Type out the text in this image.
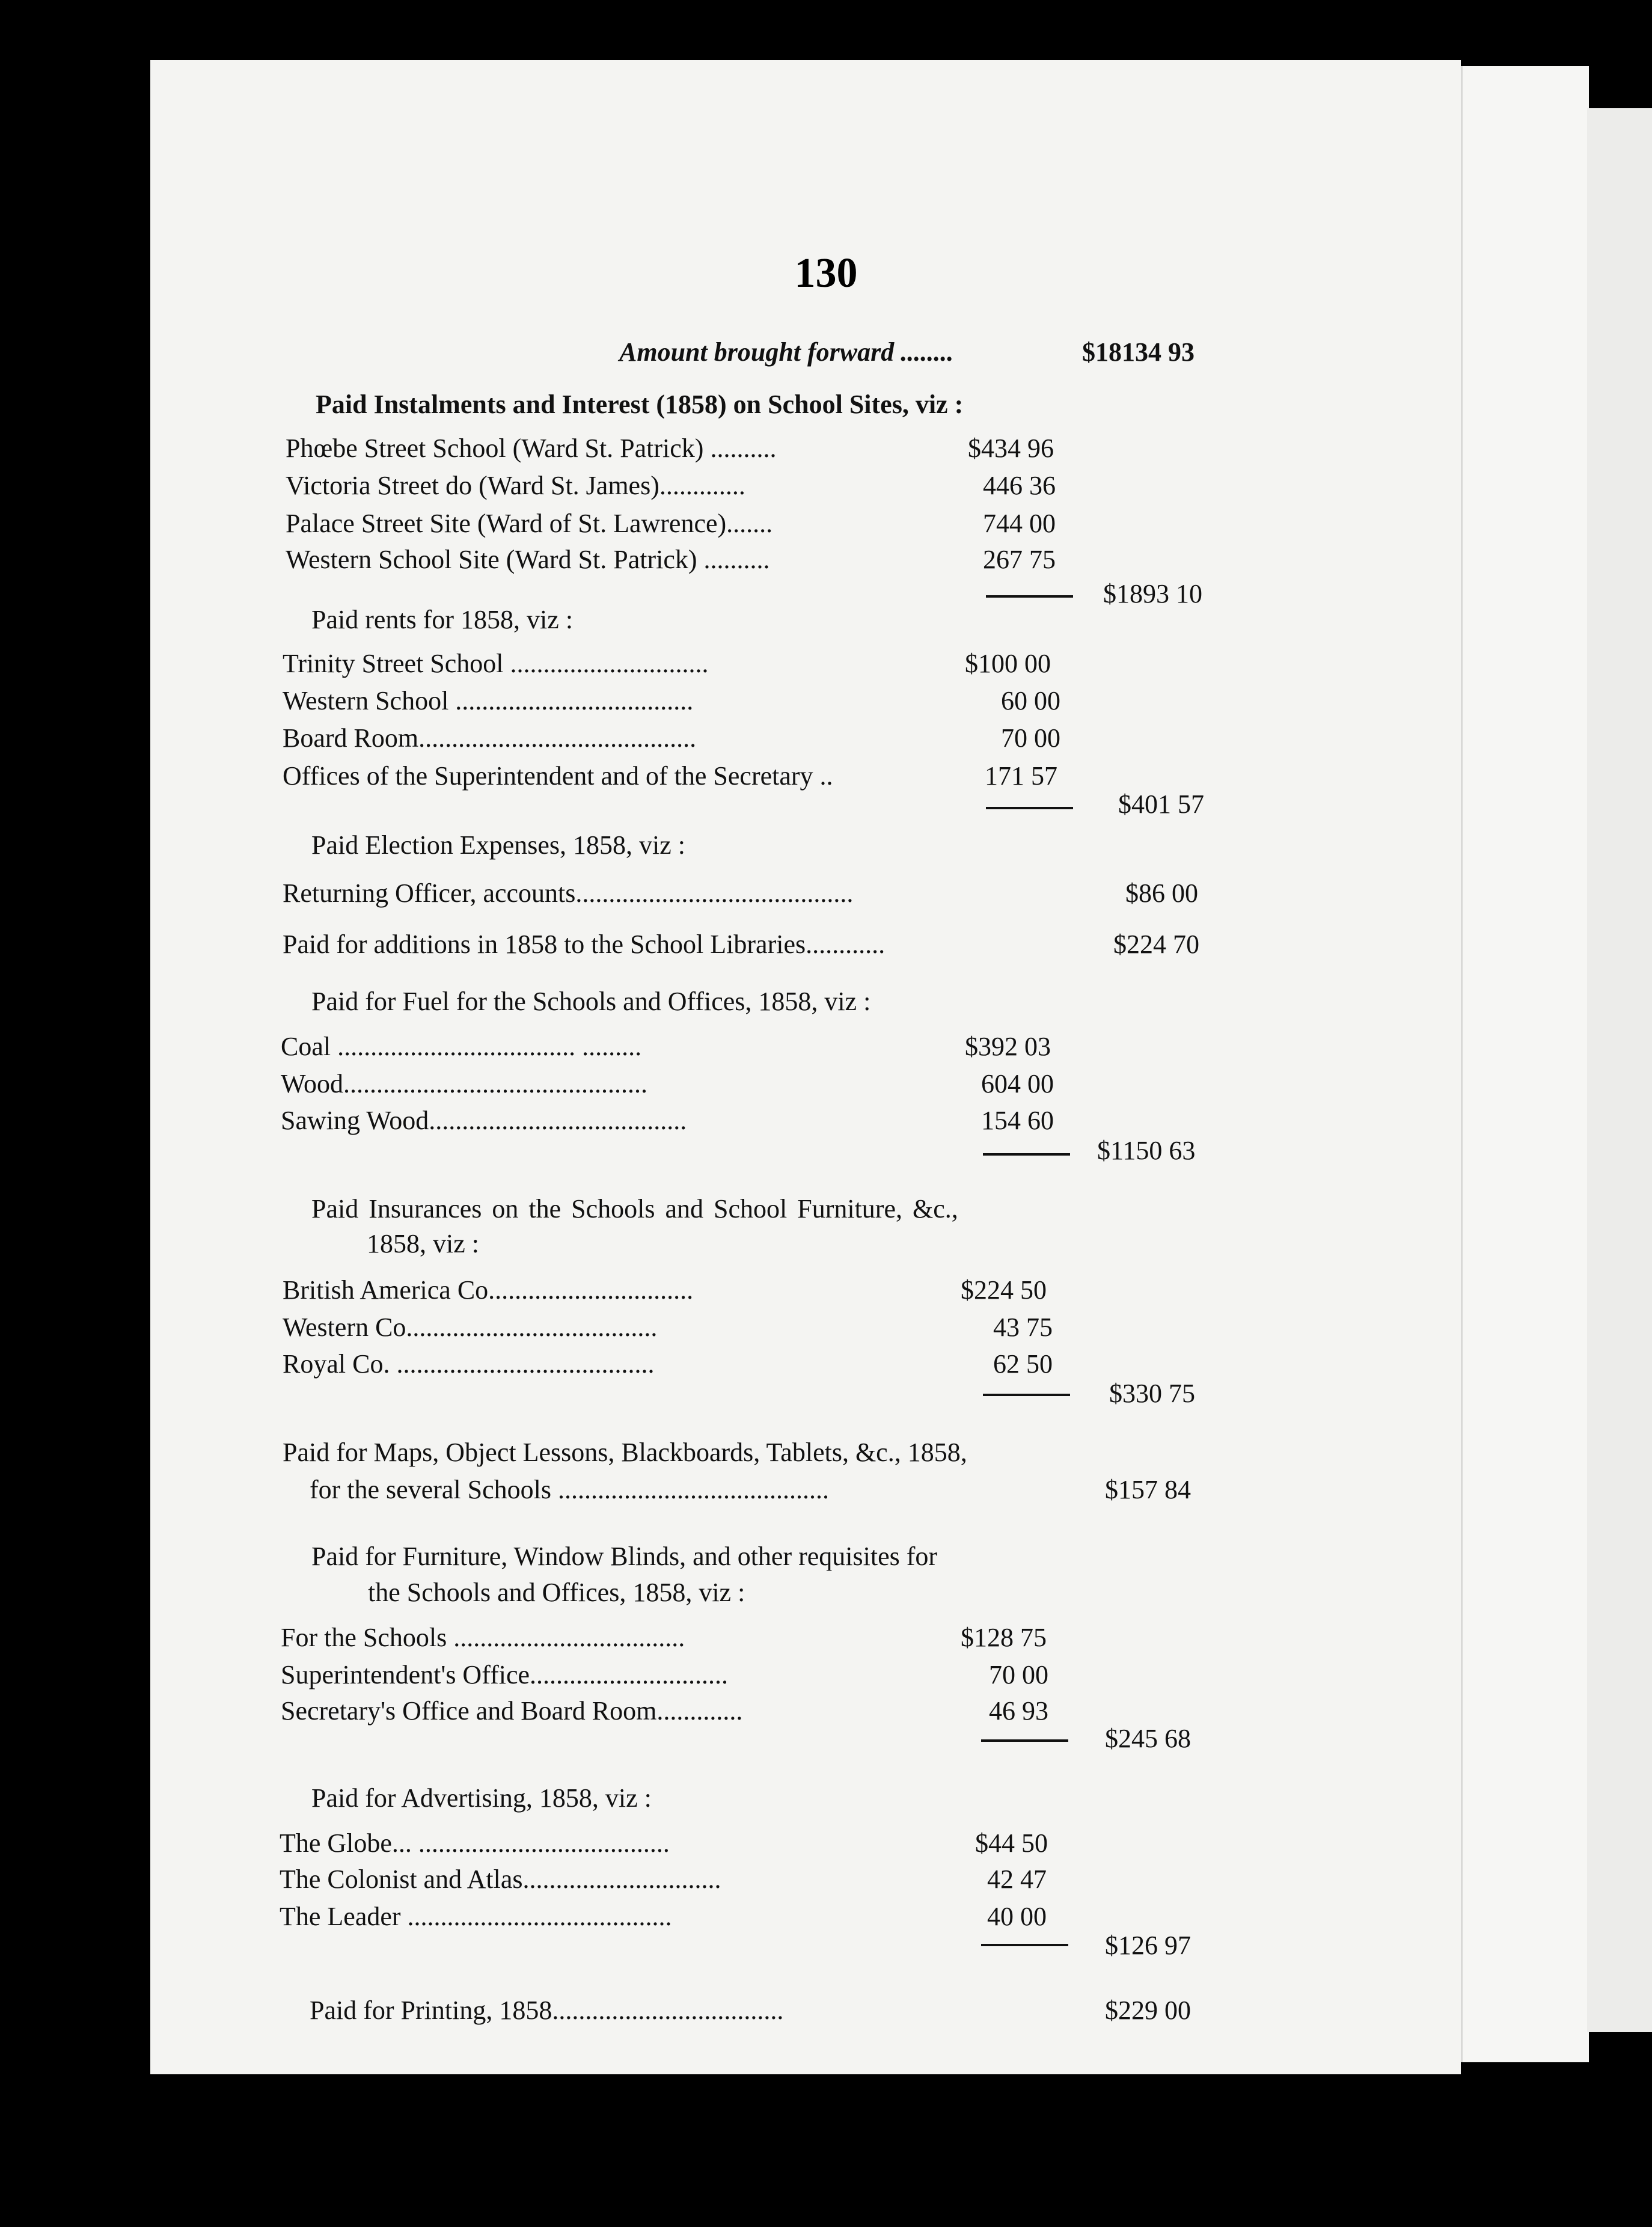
130
Amount brought forward ........	$18134 93
Paid Instalments and Interest (1858) on School Sites, viz :
Phœbe Street School (Ward St. Patrick) ..........	$434 96
Victoria Street do (Ward St. James).............	446 36
Palace Street Site (Ward of St. Lawrence).......	744 00
Western School Site (Ward St. Patrick) ..........	267 75
$1893 10
Paid rents for 1858, viz :
Trinity Street School ..............................	$100 00
Western School ....................................	60 00
Board Room..........................................	70 00
Offices of the Superintendent and of the Secretary ..	171 57
$401 57
Paid Election Expenses, 1858, viz :
Returning Officer, accounts..........................................	$86 00
Paid for additions in 1858 to the School Libraries............	$224 70
Paid for Fuel for the Schools and Offices, 1858, viz :
Coal .................................... .........	$392 03
Wood..............................................	604 00
Sawing Wood.......................................	154 60
$1150 63
Paid Insurances on the Schools and School Furniture, &c.,
1858, viz :
British America Co...............................	$224 50
Western Co......................................	43 75
Royal Co. .......................................	62 50
$330 75
Paid for Maps, Object Lessons, Blackboards, Tablets, &c., 1858,
for the several Schools .........................................	$157 84
Paid for Furniture, Window Blinds, and other requisites for
the Schools and Offices, 1858, viz :
For the Schools ...................................	$128 75
Superintendent's Office..............................	70 00
Secretary's Office and Board Room.............	46 93
$245 68
Paid for Advertising, 1858, viz :
The Globe... ......................................	$44 50
The Colonist and Atlas..............................	42 47
The Leader ........................................	40 00
$126 97
Paid for Printing, 1858...................................	$229 00
